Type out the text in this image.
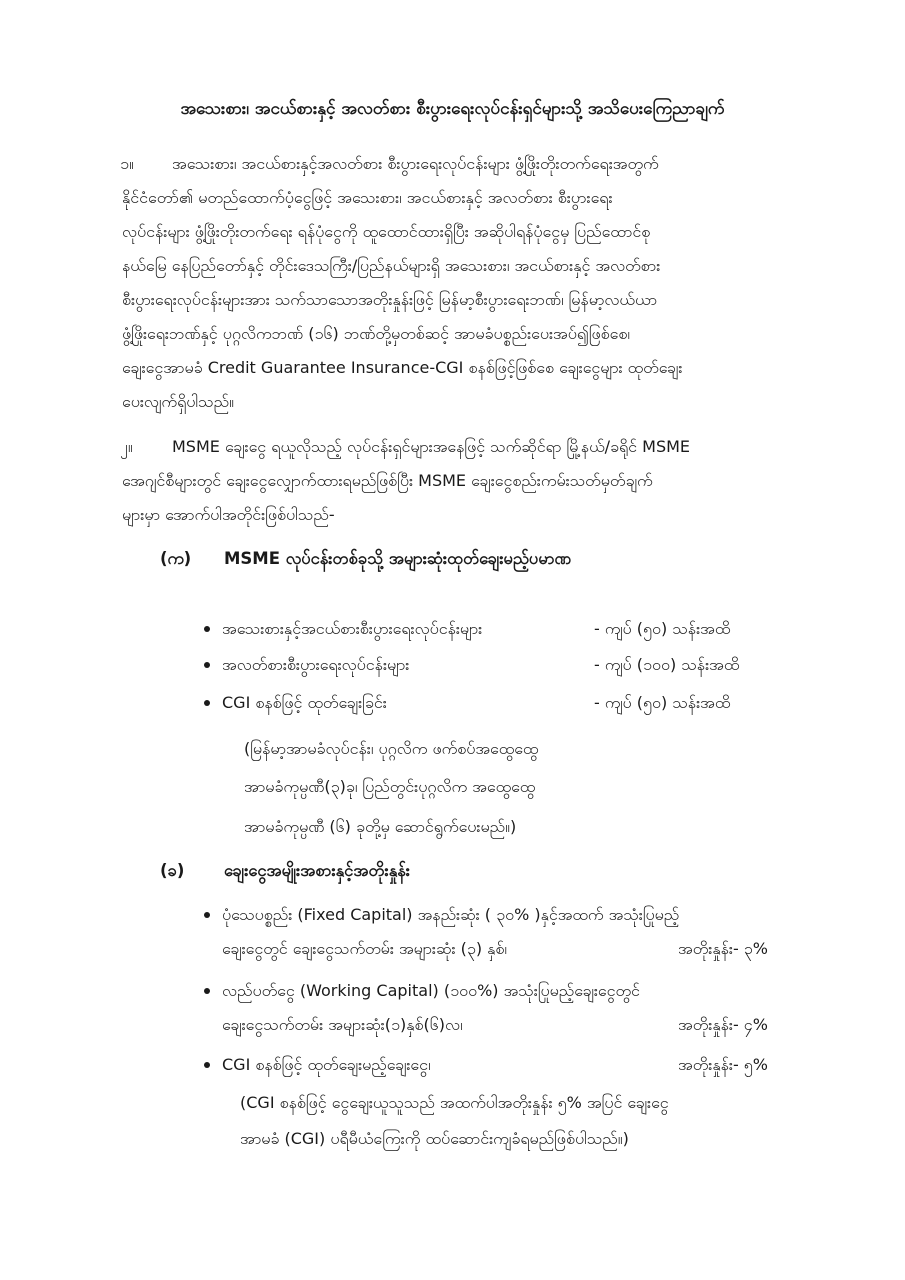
အသေးစား၊ အငယ်စားနှင့် အလတ်စား စီးပွားရေးလုပ်ငန်းရှင်များသို့ အသိပေးကြေညာချက်
၁။ အသေးစား၊ အငယ်စားနှင့်အလတ်စား စီးပွားရေးလုပ်ငန်းများ ဖွံ့ဖြိုးတိုးတက်ရေးအတွက်
နိုင်ငံတော်၏ မတည်ထောက်ပံ့ငွေဖြင့် အသေးစား၊ အငယ်စားနှင့် အလတ်စား စီးပွားရေး
လုပ်ငန်းများ ဖွံ့ဖြိုးတိုးတက်ရေး ရန်ပုံငွေကို ထူထောင်ထားရှိပြီး အဆိုပါရန်ပုံငွေမှ ပြည်ထောင်စု
နယ်မြေ နေပြည်တော်နှင့် တိုင်းဒေသကြီး/ပြည်နယ်များရှိ အသေးစား၊ အငယ်စားနှင့် အလတ်စား
စီးပွားရေးလုပ်ငန်းများအား သက်သာသောအတိုးနှုန်းဖြင့် မြန်မာ့စီးပွားရေးဘဏ်၊ မြန်မာ့လယ်ယာ
ဖွံ့ဖြိုးရေးဘဏ်နှင့် ပုဂ္ဂလိကဘဏ် (၁၆) ဘဏ်တို့မှတစ်ဆင့် အာမခံပစ္စည်းပေးအပ်၍ဖြစ်စေ၊
ချေးငွေအာမခံ Credit Guarantee Insurance-CGI စနစ်ဖြင့်ဖြစ်စေ ချေးငွေများ ထုတ်ချေး
ပေးလျက်ရှိပါသည်။
၂။ MSME ချေးငွေ ရယူလိုသည့် လုပ်ငန်းရှင်များအနေဖြင့် သက်ဆိုင်ရာ မြို့နယ်/ခရိုင် MSME
အေဂျင်စီများတွင် ချေးငွေလျှောက်ထားရမည်ဖြစ်ပြီး MSME ချေးငွေစည်းကမ်းသတ်မှတ်ချက်
များမှာ အောက်ပါအတိုင်းဖြစ်ပါသည်-
(က) MSME လုပ်ငန်းတစ်ခုသို့ အများဆုံးထုတ်ချေးမည့်ပမာဏ
အသေးစားနှင့်အငယ်စားစီးပွားရေးလုပ်ငန်းများ	- ကျပ် (၅၀) သန်းအထိ
အလတ်စားစီးပွားရေးလုပ်ငန်းများ	- ကျပ် (၁၀၀) သန်းအထိ
CGI စနစ်ဖြင့် ထုတ်ချေးခြင်း	- ကျပ် (၅၀) သန်းအထိ
(မြန်မာ့အာမခံလုပ်ငန်း၊ ပုဂ္ဂလိက ဖက်စပ်အထွေထွေ
အာမခံကုမ္ပဏီ(၃)ခု၊ ပြည်တွင်းပုဂ္ဂလိက အထွေထွေ
အာမခံကုမ္ပဏီ (၆) ခုတို့မှ ဆောင်ရွက်ပေးမည်။)
(ခ) ချေးငွေအမျိုးအစားနှင့်အတိုးနှုန်း
ပုံသေပစ္စည်း (Fixed Capital) အနည်းဆုံး ( ၃၀% )နှင့်အထက် အသုံးပြုမည့်
ချေးငွေတွင် ချေးငွေသက်တမ်း အများဆုံး (၃) နှစ်၊	အတိုးနှုန်း- ၃%
လည်ပတ်ငွေ (Working Capital) (၁၀၀%) အသုံးပြုမည့်ချေးငွေတွင်
ချေးငွေသက်တမ်း အများဆုံး(၁)နှစ်(၆)လ၊	အတိုးနှုန်း- ၄%
CGI စနစ်ဖြင့် ထုတ်ချေးမည့်ချေးငွေ၊	အတိုးနှုန်း- ၅%
(CGI စနစ်ဖြင့် ငွေချေးယူသူသည် အထက်ပါအတိုးနှုန်း ၅% အပြင် ချေးငွေ
အာမခံ (CGI) ပရီမီယံကြေးကို ထပ်ဆောင်းကျခံရမည်ဖြစ်ပါသည်။)
